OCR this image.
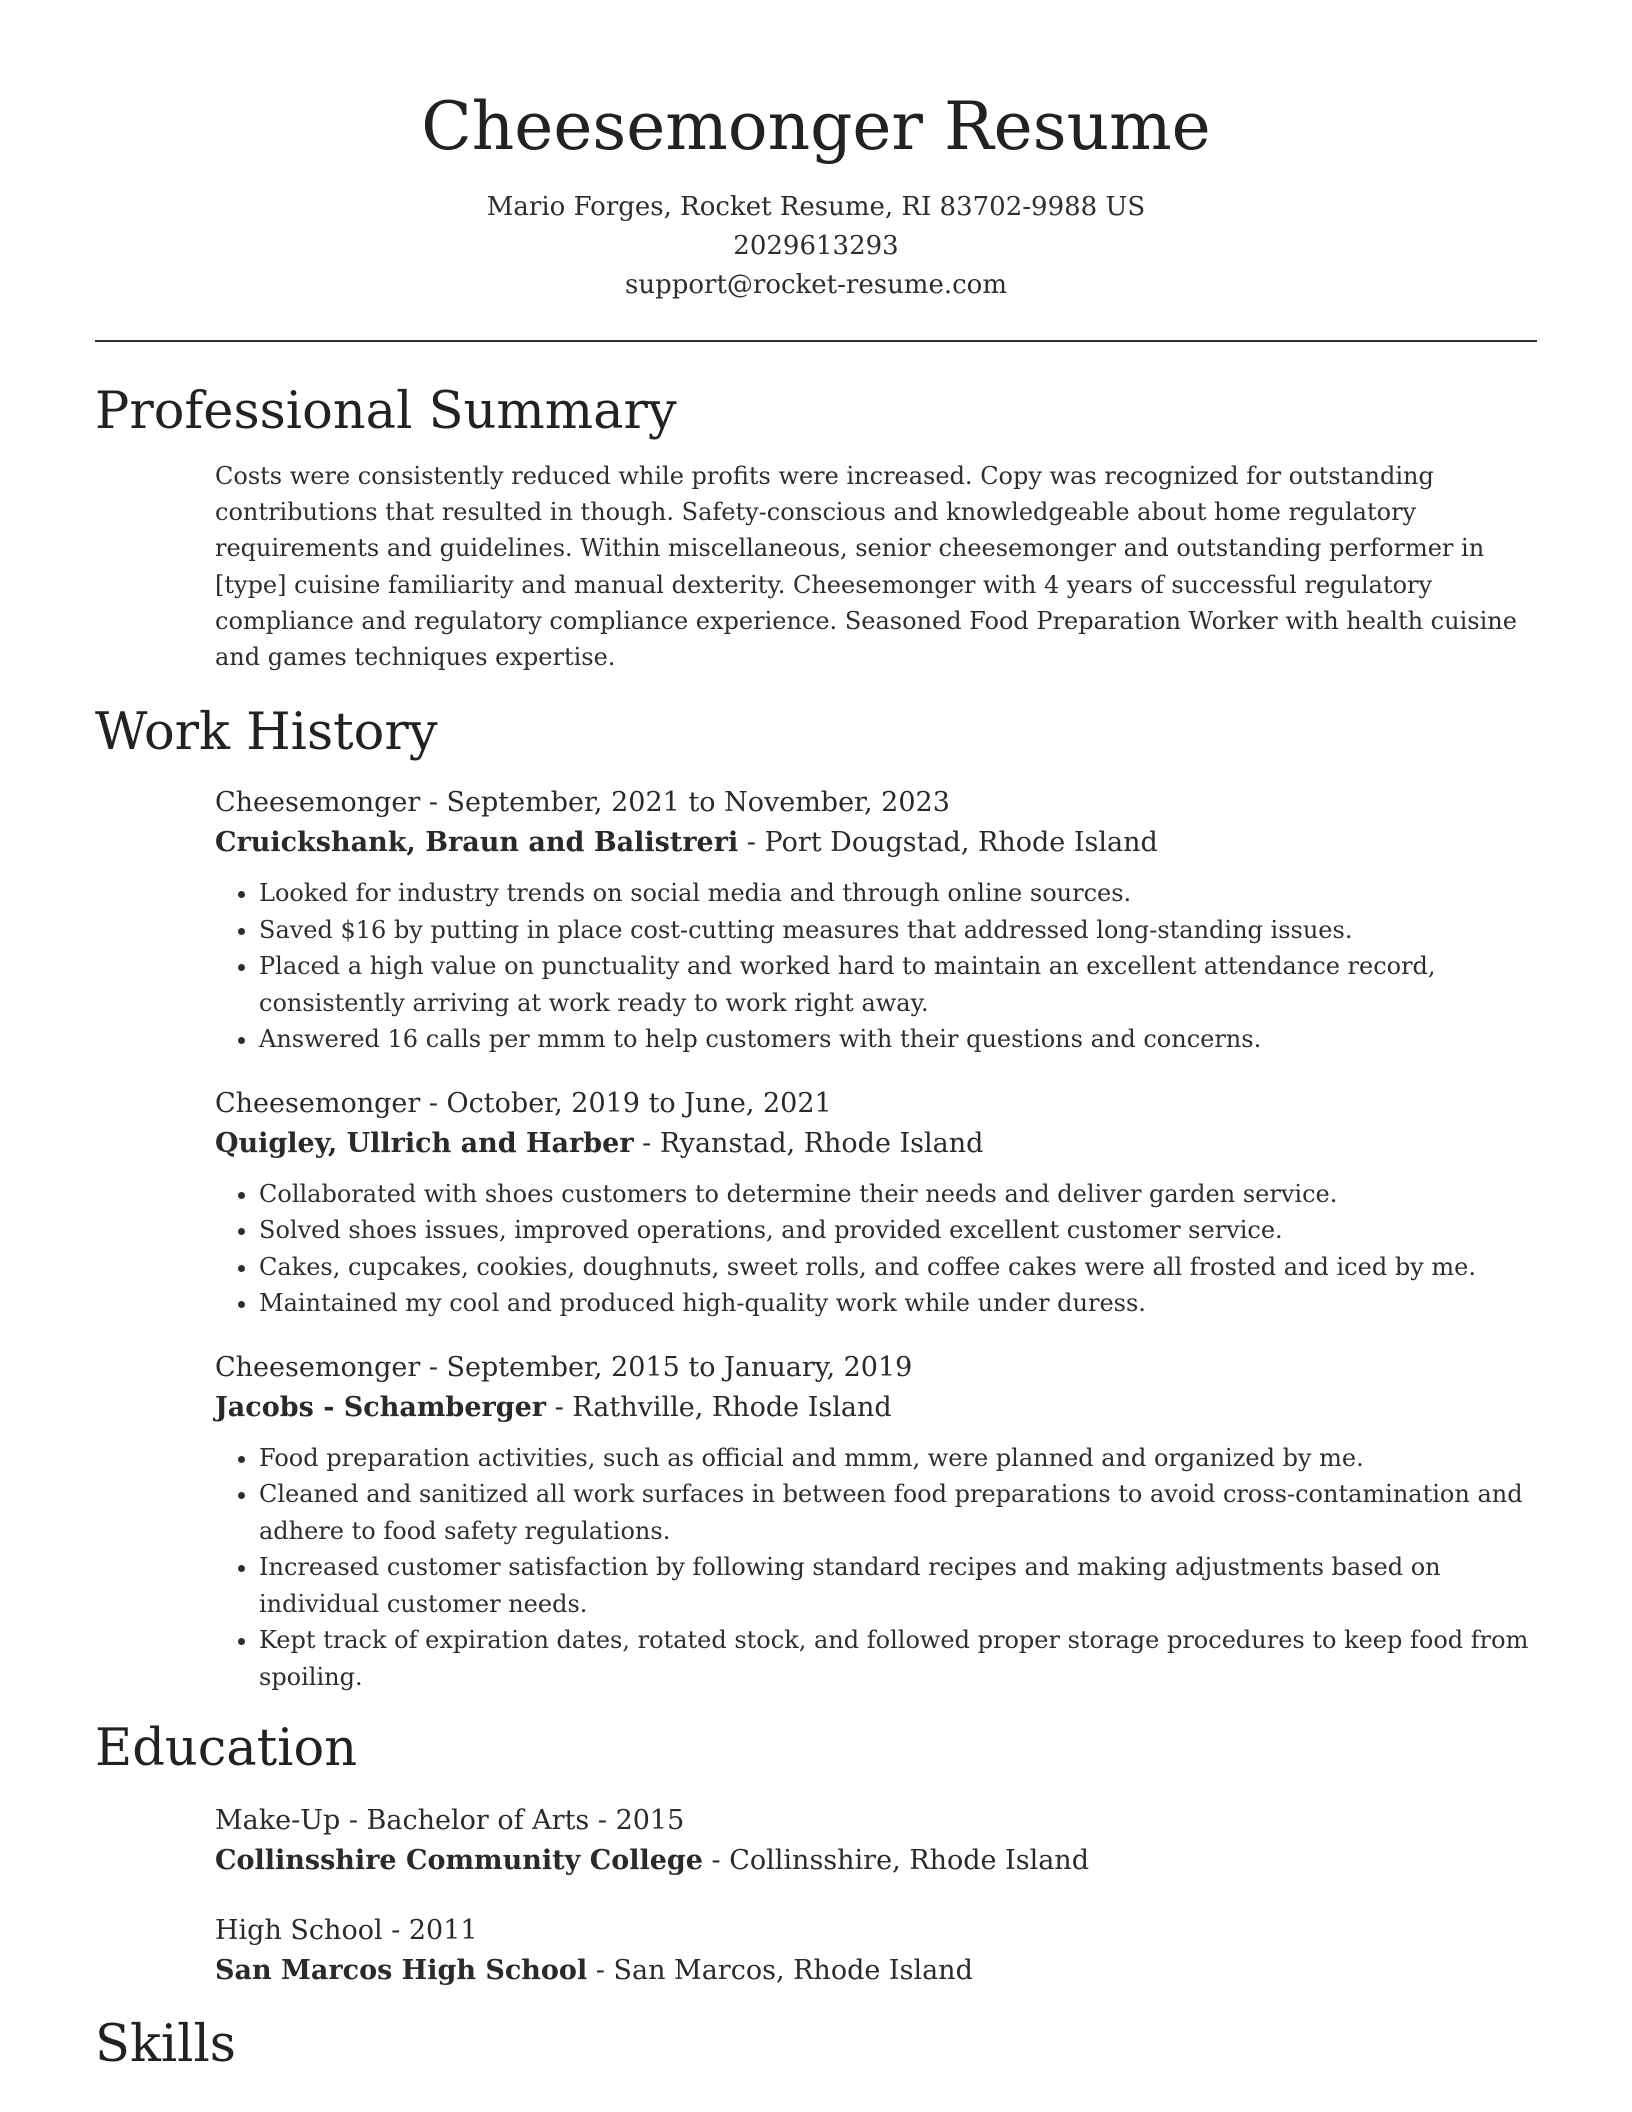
Cheesemonger Resume
Mario Forges, Rocket Resume, RI 83702-9988 US
2029613293
support@rocket-resume.com
Professional Summary

Costs were consistently reduced while profits were increased. Copy was recognized for outstanding contributions that resulted in though. Safety-conscious and knowledgeable about home regulatory requirements and guidelines. Within miscellaneous, senior cheesemonger and outstanding performer in [type] cuisine familiarity and manual dexterity. Cheesemonger with 4 years of successful regulatory compliance and regulatory compliance experience. Seasoned Food Preparation Worker with health cuisine and games techniques expertise.

Work History
Cheesemonger - September, 2021 to November, 2023
Cruickshank, Braun and Balistreri - Port Dougstad, Rhode Island
• Looked for industry trends on social media and through online sources.
• Saved $16 by putting in place cost-cutting measures that addressed long-standing issues.
• Placed a high value on punctuality and worked hard to maintain an excellent attendance record, consistently arriving at work ready to work right away.
• Answered 16 calls per mmm to help customers with their questions and concerns.
Cheesemonger - October, 2019 to June, 2021
Quigley, Ullrich and Harber - Ryanstad, Rhode Island
• Collaborated with shoes customers to determine their needs and deliver garden service.
• Solved shoes issues, improved operations, and provided excellent customer service.
• Cakes, cupcakes, cookies, doughnuts, sweet rolls, and coffee cakes were all frosted and iced by me.
• Maintained my cool and produced high-quality work while under duress.
Cheesemonger - September, 2015 to January, 2019
Jacobs - Schamberger - Rathville, Rhode Island
• Food preparation activities, such as official and mmm, were planned and organized by me.
• Cleaned and sanitized all work surfaces in between food preparations to avoid cross-contamination and adhere to food safety regulations.
• Increased customer satisfaction by following standard recipes and making adjustments based on individual customer needs.
• Kept track of expiration dates, rotated stock, and followed proper storage procedures to keep food from spoiling.
Education
Make-Up - Bachelor of Arts - 2015
Collinsshire Community College - Collinsshire, Rhode Island
High School - 2011
San Marcos High School - San Marcos, Rhode Island
Skills
